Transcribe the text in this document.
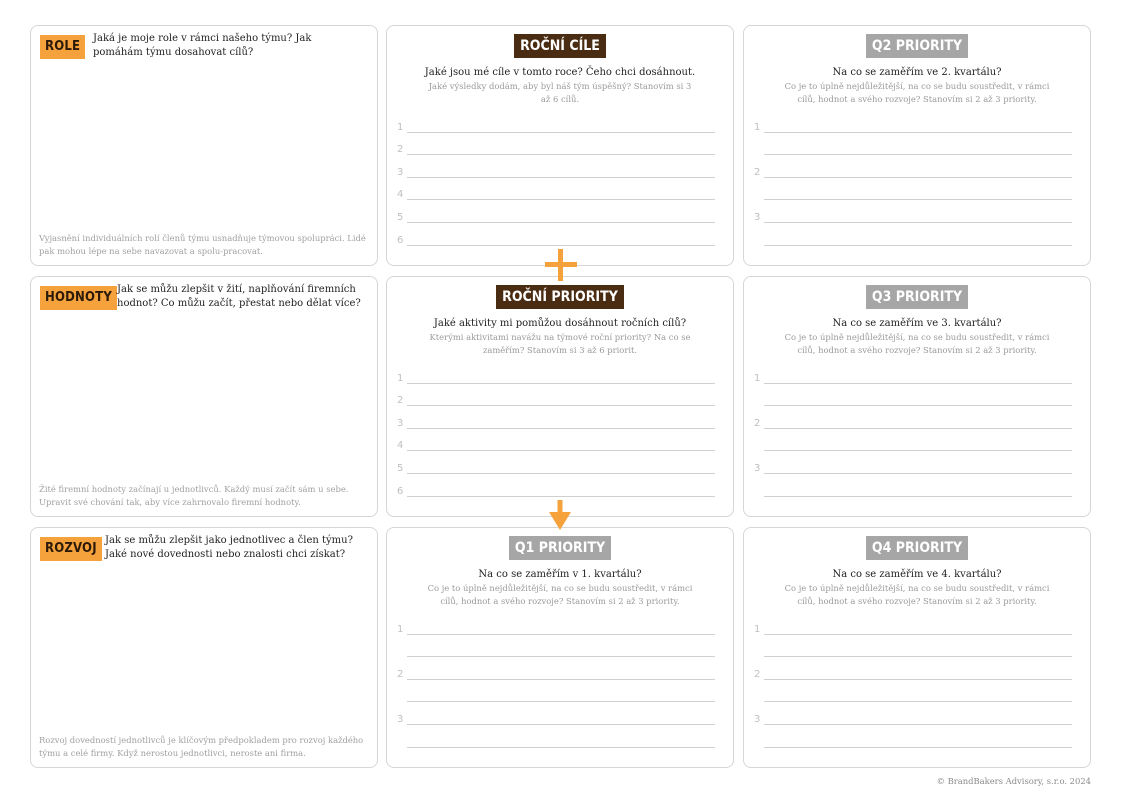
ROLE
Jaká je moje role v rámci našeho týmu? Jak pomáhám týmu dosahovat cílů?
Vyjasnění individuálních rolí členů týmu usnadňuje týmovou spolupráci. Lidé pak mohou lépe na sebe navazovat a spolu-pracovat.
HODNOTY
Jak se můžu zlepšit v žití, naplňování firemních hodnot? Co můžu začít, přestat nebo dělat více?
Žité firemní hodnoty začínají u jednotlivců. Každý musí začít sám u sebe. Upravit své chování tak, aby více zahrnovalo firemní hodnoty.
ROZVOJ
Jak se můžu zlepšit jako jednotlivec a člen týmu? Jaké nové dovednosti nebo znalosti chci získat?
Rozvoj dovedností jednotlivců je klíčovým předpokladem pro rozvoj každého týmu a celé firmy. Když nerostou jednotlivci, neroste ani firma.
ROČNÍ CÍLE
Jaké jsou mé cíle v tomto roce? Čeho chci dosáhnout.
Jaké výsledky dodám, aby byl náš tým úspěšný? Stanovím si 3 až 6 cílů.
1
2
3
4
5
6
ROČNÍ PRIORITY
Jaké aktivity mi pomůžou dosáhnout ročních cílů?
Kterými aktivitami navážu na týmové roční priority? Na co se zaměřím? Stanovím si 3 až 6 priorit.
1
2
3
4
5
6
Q1 PRIORITY
Na co se zaměřím v 1. kvartálu?
Co je to úplně nejdůležitější, na co se budu soustředit, v rámci cílů, hodnot a svého rozvoje? Stanovím si 2 až 3 priority.
1
2
3
Q2 PRIORITY
Na co se zaměřím ve 2. kvartálu?
Co je to úplně nejdůležitější, na co se budu soustředit, v rámci cílů, hodnot a svého rozvoje? Stanovím si 2 až 3 priority.
1
2
3
Q3 PRIORITY
Na co se zaměřím ve 3. kvartálu?
Co je to úplně nejdůležitější, na co se budu soustředit, v rámci cílů, hodnot a svého rozvoje? Stanovím si 2 až 3 priority.
1
2
3
Q4 PRIORITY
Na co se zaměřím ve 4. kvartálu?
Co je to úplně nejdůležitější, na co se budu soustředit, v rámci cílů, hodnot a svého rozvoje? Stanovím si 2 až 3 priority.
1
2
3
© BrandBakers Advisory, s.r.o. 2024
